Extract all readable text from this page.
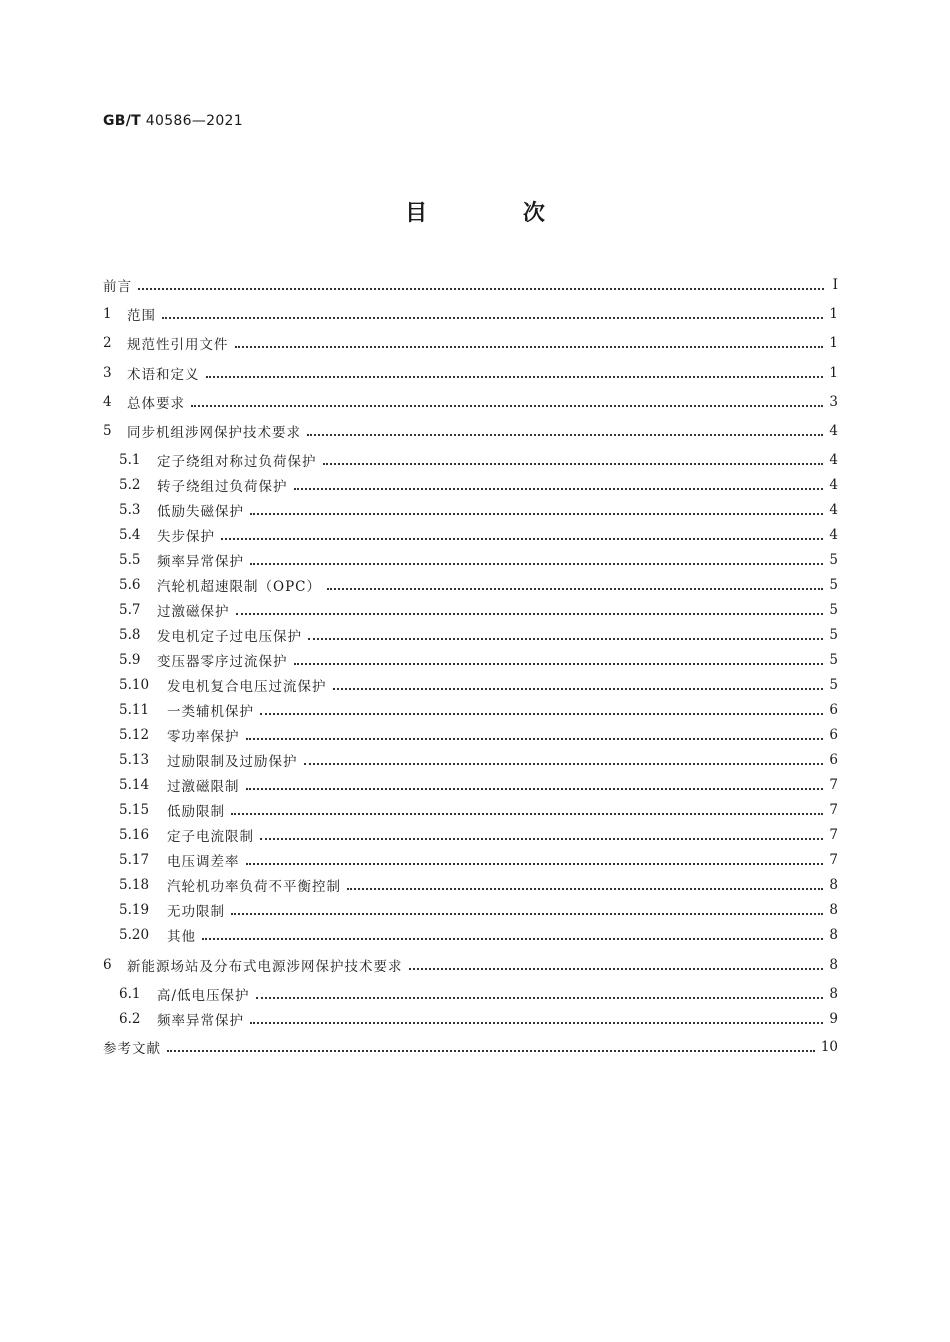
GB/T 40586—2021
目 次
前言	Ⅰ
1	范围	1
2	规范性引用文件	1
3	术语和定义	1
4	总体要求	3
5	同步机组涉网保护技术要求	4
5.1	定子绕组对称过负荷保护	4
5.2	转子绕组过负荷保护	4
5.3	低励失磁保护	4
5.4	失步保护	4
5.5	频率异常保护	5
5.6	汽轮机超速限制（OPC）	5
5.7	过激磁保护	5
5.8	发电机定子过电压保护	5
5.9	变压器零序过流保护	5
5.10	发电机复合电压过流保护	5
5.11	一类辅机保护	6
5.12	零功率保护	6
5.13	过励限制及过励保护	6
5.14	过激磁限制	7
5.15	低励限制	7
5.16	定子电流限制	7
5.17	电压调差率	7
5.18	汽轮机功率负荷不平衡控制	8
5.19	无功限制	8
5.20	其他	8
6	新能源场站及分布式电源涉网保护技术要求	8
6.1	高/低电压保护	8
6.2	频率异常保护	9
参考文献	10
